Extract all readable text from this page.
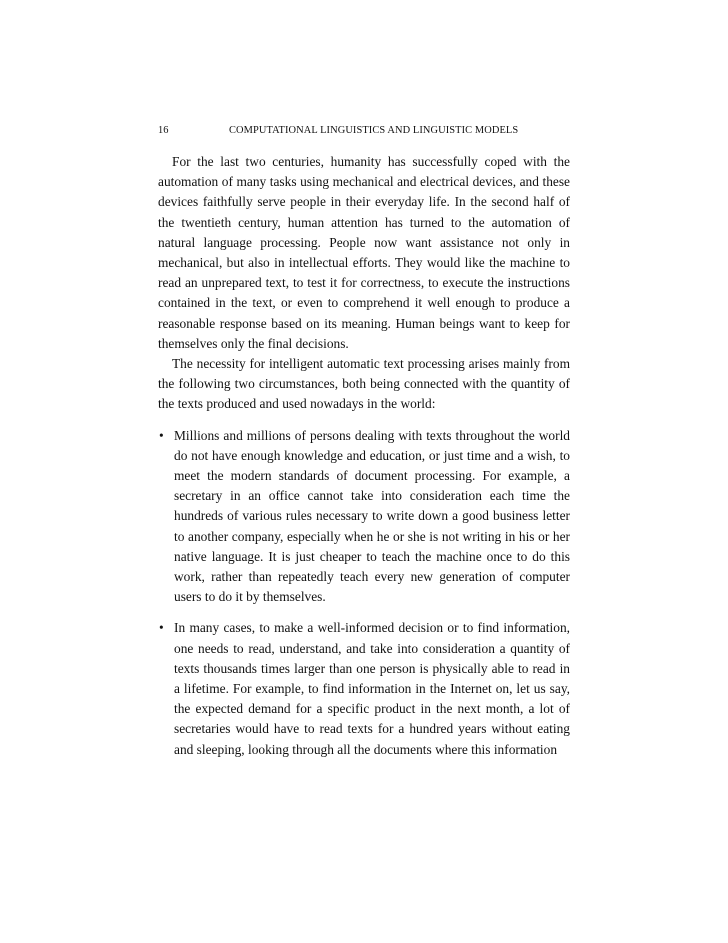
16	COMPUTATIONAL LINGUISTICS AND LINGUISTIC MODELS

For the last two centuries, humanity has successfully coped with the automation of many tasks using mechanical and electrical devices, and these devices faithfully serve people in their everyday life. In the second half of the twentieth century, human attention has turned to the automation of natural language processing. People now want assistance not only in mechanical, but also in intellectual efforts. They would like the machine to read an unprepared text, to test it for correctness, to execute the instructions contained in the text, or even to comprehend it well enough to produce a reasonable response based on its meaning. Human beings want to keep for themselves only the final decisions.

The necessity for intelligent automatic text processing arises mainly from the following two circumstances, both being connected with the quantity of the texts produced and used nowadays in the world:

• Millions and millions of persons dealing with texts throughout the world do not have enough knowledge and education, or just time and a wish, to meet the modern standards of document processing. For example, a secretary in an office cannot take into consideration each time the hundreds of various rules necessary to write down a good business letter to another company, especially when he or she is not writing in his or her native language. It is just cheaper to teach the machine once to do this work, rather than repeatedly teach every new generation of computer users to do it by themselves.
• In many cases, to make a well-informed decision or to find information, one needs to read, understand, and take into consideration a quantity of texts thousands times larger than one person is physically able to read in a lifetime. For example, to find information in the Internet on, let us say, the expected demand for a specific product in the next month, a lot of secretaries would have to read texts for a hundred years without eating and sleeping, looking through all the documents where this information
